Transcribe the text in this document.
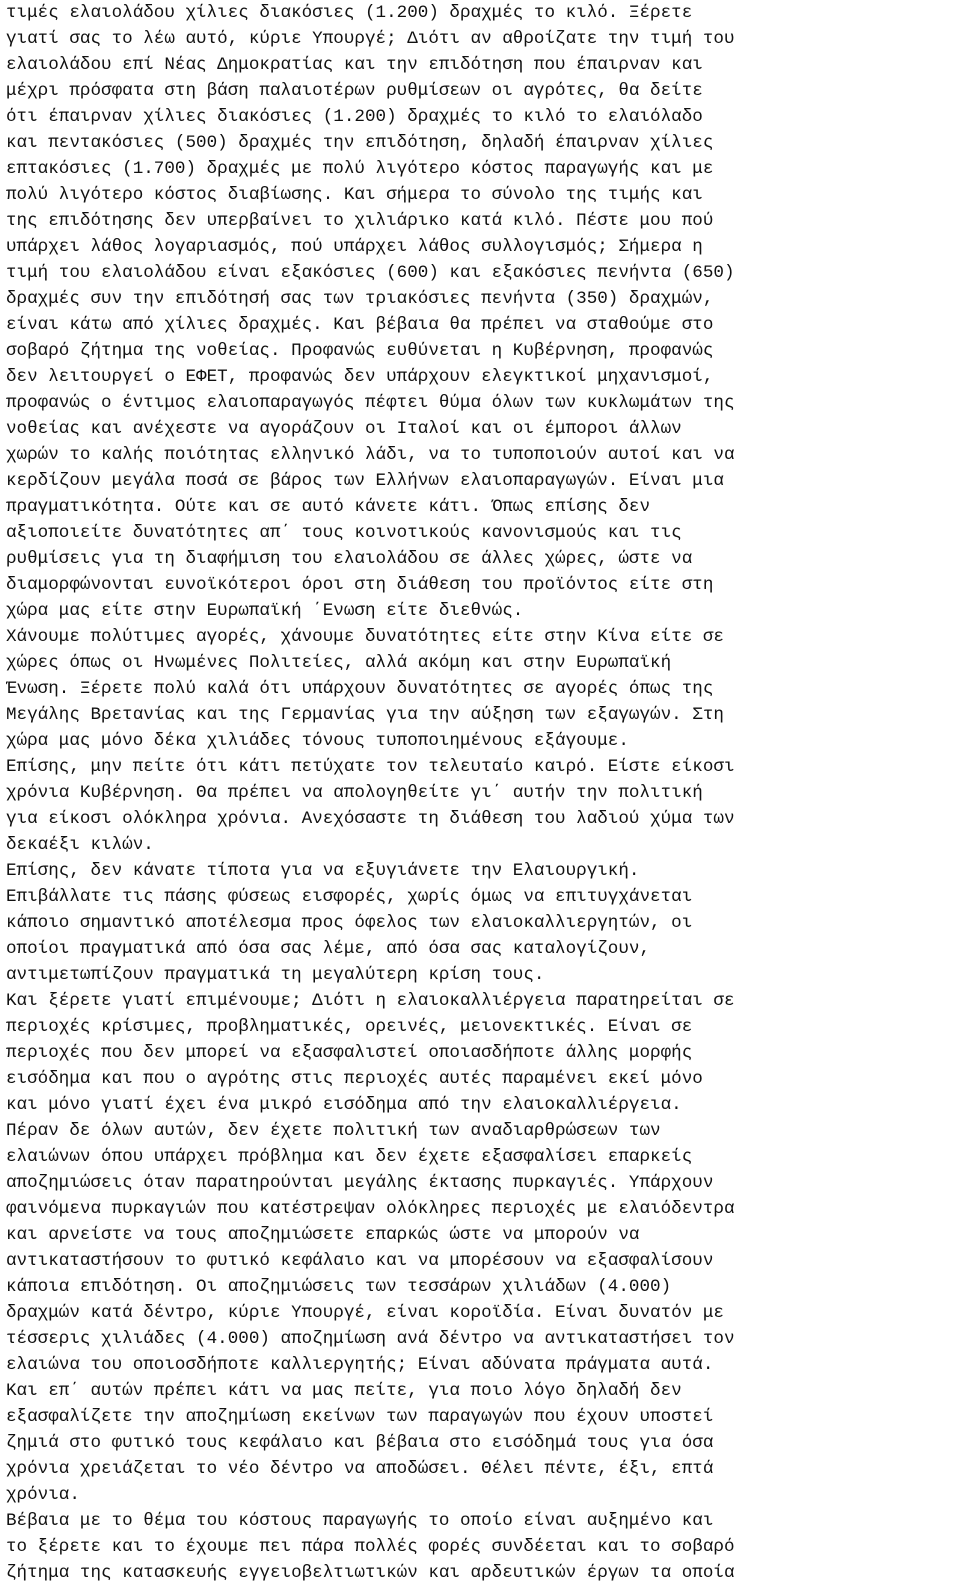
τιμές ελαιολάδου χίλιες διακόσιες (1.200) δραχμές το κιλό. Ξέρετε
γιατί σας το λέω αυτό, κύριε Υπουργέ; Διότι αν αθροίζατε την τιμή του
ελαιολάδου επί Νέας Δημοκρατίας και την επιδότηση που έπαιρναν και
μέχρι πρόσφατα στη βάση παλαιοτέρων ρυθμίσεων οι αγρότες, θα δείτε
ότι έπαιρναν χίλιες διακόσιες (1.200) δραχμές το κιλό το ελαιόλαδο
και πεντακόσιες (500) δραχμές την επιδότηση, δηλαδή έπαιρναν χίλιες
επτακόσιες (1.700) δραχμές με πολύ λιγότερο κόστος παραγωγής και με
πολύ λιγότερο κόστος διαβίωσης. Και σήμερα το σύνολο της τιμής και
της επιδότησης δεν υπερβαίνει το χιλιάρικο κατά κιλό. Πέστε μου πού
υπάρχει λάθος λογαριασμός, πού υπάρχει λάθος συλλογισμός; Σήμερα η
τιμή του ελαιολάδου είναι εξακόσιες (600) και εξακόσιες πενήντα (650)
δραχμές συν την επιδότησή σας των τριακόσιες πενήντα (350) δραχμών,
είναι κάτω από χίλιες δραχμές. Και βέβαια θα πρέπει να σταθούμε στο
σοβαρό ζήτημα της νοθείας. Προφανώς ευθύνεται η Κυβέρνηση, προφανώς
δεν λειτουργεί ο ΕΦΕΤ, προφανώς δεν υπάρχουν ελεγκτικοί μηχανισμοί,
προφανώς ο έντιμος ελαιοπαραγωγός πέφτει θύμα όλων των κυκλωμάτων της
νοθείας και ανέχεστε να αγοράζουν οι Ιταλοί και οι έμποροι άλλων
χωρών το καλής ποιότητας ελληνικό λάδι, να το τυποποιούν αυτοί και να
κερδίζουν μεγάλα ποσά σε βάρος των Ελλήνων ελαιοπαραγωγών. Είναι μια
πραγματικότητα. Ούτε και σε αυτό κάνετε κάτι. Όπως επίσης δεν
αξιοποιείτε δυνατότητες απ΄ τους κοινοτικούς κανονισμούς και τις
ρυθμίσεις για τη διαφήμιση του ελαιολάδου σε άλλες χώρες, ώστε να
διαμορφώνονται ευνοϊκότεροι όροι στη διάθεση του προϊόντος είτε στη
χώρα μας είτε στην Ευρωπαϊκή ΄Ενωση είτε διεθνώς.
Χάνουμε πολύτιμες αγορές, χάνουμε δυνατότητες είτε στην Κίνα είτε σε
χώρες όπως οι Ηνωμένες Πολιτείες, αλλά ακόμη και στην Ευρωπαϊκή
Ένωση. Ξέρετε πολύ καλά ότι υπάρχουν δυνατότητες σε αγορές όπως της
Μεγάλης Βρετανίας και της Γερμανίας για την αύξηση των εξαγωγών. Στη
χώρα μας μόνο δέκα χιλιάδες τόνους τυποποιημένους εξάγουμε.
Επίσης, μην πείτε ότι κάτι πετύχατε τον τελευταίο καιρό. Είστε είκοσι
χρόνια Κυβέρνηση. Θα πρέπει να απολογηθείτε γι΄ αυτήν την πολιτική
για είκοσι ολόκληρα χρόνια. Ανεχόσαστε τη διάθεση του λαδιού χύμα των
δεκαέξι κιλών.
Επίσης, δεν κάνατε τίποτα για να εξυγιάνετε την Ελαιουργική.
Επιβάλλατε τις πάσης φύσεως εισφορές, χωρίς όμως να επιτυγχάνεται
κάποιο σημαντικό αποτέλεσμα προς όφελος των ελαιοκαλλιεργητών, οι
οποίοι πραγματικά από όσα σας λέμε, από όσα σας καταλογίζουν,
αντιμετωπίζουν πραγματικά τη μεγαλύτερη κρίση τους.
Και ξέρετε γιατί επιμένουμε; Διότι η ελαιοκαλλιέργεια παρατηρείται σε
περιοχές κρίσιμες, προβληματικές, ορεινές, μειονεκτικές. Είναι σε
περιοχές που δεν μπορεί να εξασφαλιστεί οποιασδήποτε άλλης μορφής
εισόδημα και που ο αγρότης στις περιοχές αυτές παραμένει εκεί μόνο
και μόνο γιατί έχει ένα μικρό εισόδημα από την ελαιοκαλλιέργεια.
Πέραν δε όλων αυτών, δεν έχετε πολιτική των αναδιαρθρώσεων των
ελαιώνων όπου υπάρχει πρόβλημα και δεν έχετε εξασφαλίσει επαρκείς
αποζημιώσεις όταν παρατηρούνται μεγάλης έκτασης πυρκαγιές. Υπάρχουν
φαινόμενα πυρκαγιών που κατέστρεψαν ολόκληρες περιοχές με ελαιόδεντρα
και αρνείστε να τους αποζημιώσετε επαρκώς ώστε να μπορούν να
αντικαταστήσουν το φυτικό κεφάλαιο και να μπορέσουν να εξασφαλίσουν
κάποια επιδότηση. Οι αποζημιώσεις των τεσσάρων χιλιάδων (4.000)
δραχμών κατά δέντρο, κύριε Υπουργέ, είναι κοροϊδία. Είναι δυνατόν με
τέσσερις χιλιάδες (4.000) αποζημίωση ανά δέντρο να αντικαταστήσει τον
ελαιώνα του οποιοσδήποτε καλλιεργητής; Είναι αδύνατα πράγματα αυτά.
Και επ΄ αυτών πρέπει κάτι να μας πείτε, για ποιο λόγο δηλαδή δεν
εξασφαλίζετε την αποζημίωση εκείνων των παραγωγών που έχουν υποστεί
ζημιά στο φυτικό τους κεφάλαιο και βέβαια στο εισόδημά τους για όσα
χρόνια χρειάζεται το νέο δέντρο να αποδώσει. Θέλει πέντε, έξι, επτά
χρόνια.
Βέβαια με το θέμα του κόστους παραγωγής το οποίο είναι αυξημένο και
το ξέρετε και το έχουμε πει πάρα πολλές φορές συνδέεται και το σοβαρό
ζήτημα της κατασκευής εγγειοβελτιωτικών και αρδευτικών έργων τα οποία
